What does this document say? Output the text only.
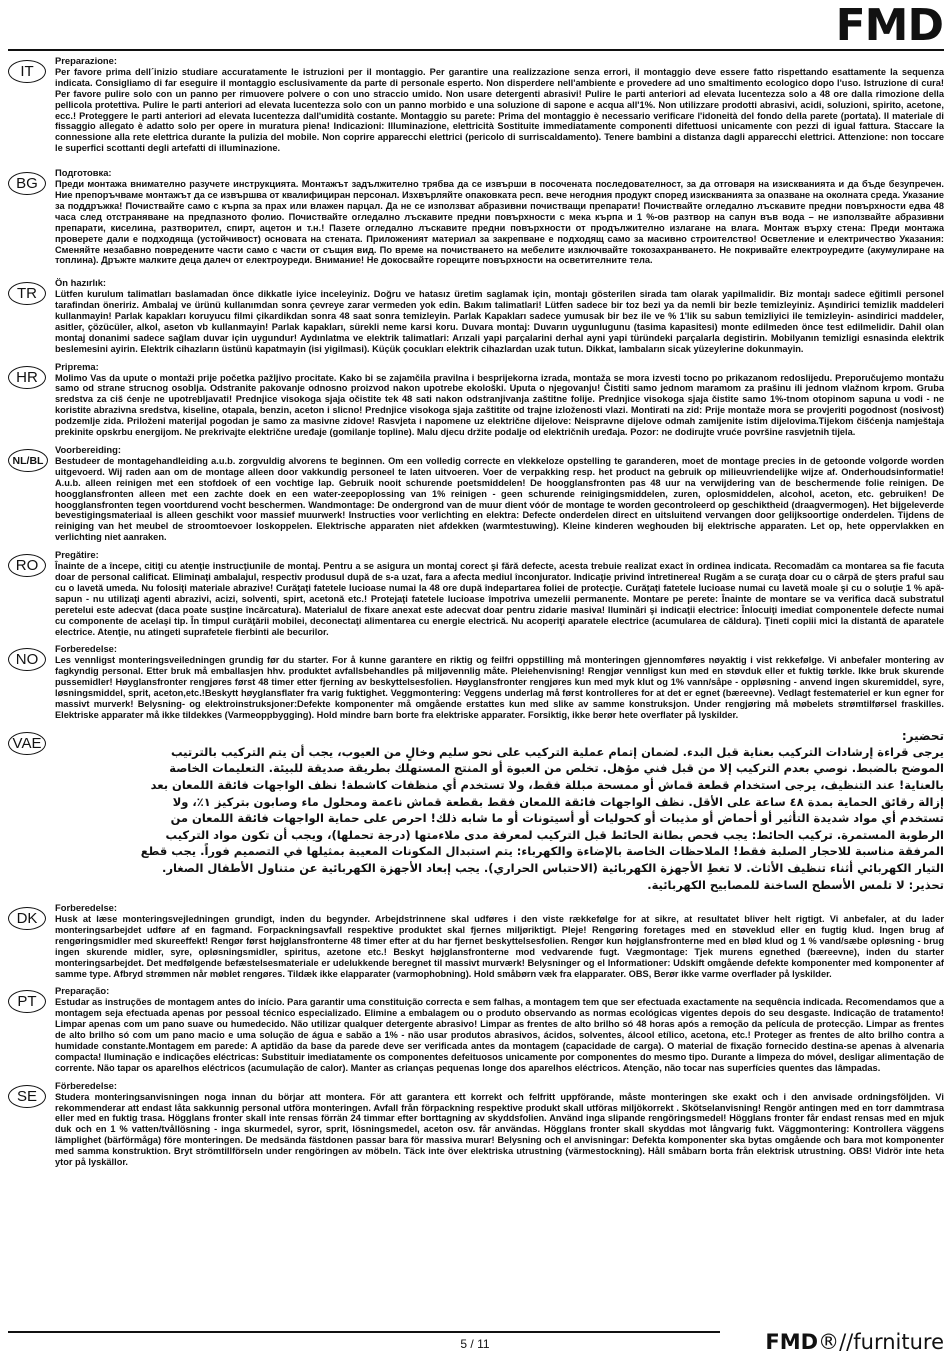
FMD
IT

Preparazione:

Per favore prima dell´inizio studiare accuratamente le istruzioni per il montaggio. Per garantire una realizzazione senza errori, il montaggio deve essere fatto rispettando esattamente la sequenza indicata. Consigliamo di far eseguire il montaggio esclusivamente da parte di personale esperto. Non disperdere nell'ambiente e provedere ad uno smaltimento ecologico dopo l'uso. Istruzione di cura! Per favore pulire solo con un panno per rimuovere polvere o con uno straccio umido. Non usare detergenti abrasivi! Pulire le parti anteriori ad elevata lucentezza solo a 48 ore dalla rimozione della pellicola protettiva. Pulire le parti anteriori ad elevata lucentezza solo con un panno morbido e una soluzione di sapone e acqua all'1%. Non utilizzare prodotti abrasivi, acidi, soluzioni, spirito, acetone, ecc.! Proteggere le parti anteriori ad elevata lucentezza dall'umidità costante. Montaggio su parete: Prima del montaggio è necessario verificare l'idoneità del fondo della parete (portata). Il materiale di fissaggio allegato è adatto solo per opere in muratura piena! Indicazioni: Illuminazione, elettricità Sostituite immediatamente componenti difettuosi unicamente con pezzi di igual fattura. Staccare la connessione alla rete elettrica durante la pulizia del mobile. Non coprire apparecchi elettrici (pericolo di surriscaldamento). Tenere bambini a distanza dagli apparecchi elettrici. Attenzione: non toccare le superfici scottanti degli artefatti di illuminazione.

BG

Подготовка:

Преди монтажа внимателно разучете инструкцията. Монтажът задължително трябва да се извърши в посочената последователност, за да отговаря на изискванията и да бъде безупречен. Ние препоръчваме монтажът да се извършва от квалифициран персонал. Изхвърляйте опаковката респ. вече негодния продукт според изискванията за опазване на околната среда. Указание за поддръжка! Почиствайте само с кърпа за прах или влажен парцал. Да не се използват абразивни почистващи препарати! Почиствайте огледално лъскавите предни повърхности едва 48 часа след отстраняване на предпазното фолио. Почиствайте огледално лъскавите предни повърхности с мека кърпа и 1 %-ов разтвор на сапун във вода – не използвайте абразивни препарати, киселина, разтворител, спирт, ацетон и т.н.! Пазете огледално лъскавите предни повърхности от продължително излагане на влага. Монтаж върху стена: Преди монтажа проверете дали е подходяща (устойчивост) основата на стената. Приложеният материал за закрепване е подходящ само за масивно строителство! Осветление и електричество Указания: Сменяйте незабавно повредените части само с части от същия вид. По време на почистването на мебелите изключвайте токозахранването. Не покривайте електроуредите (акумулиране на топлина). Дръжте малките деца далеч от електроуреди. Внимание! Не докосвайте горещите повърхности на осветителните тела.

TR

Ön hazırlık:

Lütfen kurulum talimatları baslamadan önce dikkatle iyice inceleyiniz. Doğru ve hatasız üretim saglamak için, montajı gösterilen sirada tam olarak yapilmalidir. Biz montajı sadece eğitimli personel tarafindan öneririz. Ambalaj ve ürünü kullanımdan sonra çevreye zarar vermeden yok edin. Bakım talimatlari! Lütfen sadece bir toz bezi ya da nemli bir bezle temizleyiniz. Aşındirici temizlik maddeleri kullanmayin! Parlak kapakları koruyucu filmi çikardikdan sonra 48 saat sonra temizleyin. Parlak Kapakları sadece yumusak bir bez ile ve % 1'lik su sabun temizliyici ile temizleyin- asindirici maddeler, asitler, çözücüler, alkol, aseton vb kullanmayin! Parlak kapakları, sürekli nemе karsi koru. Duvara montaj: Duvarın uygunlugunu (tasima kapasitesi) monte edilmeden önce test edilmelidir. Dahil olan montaj donanimi sadece sağlam duvar için uygundur! Aydınlatma ve elektrik talimatlari: Arızali yapi parçalarini derhal ayni yapi türündeki parçalarla degistirin. Mobilyanın temizligi esnasinda elektrik beslemesini ayirin. Elektrik cihazların üstünü kapatmayin (isi yigilmasi). Küçük çocukları elektrik cihazlardan uzak tutun. Dikkat, lambaların sicak yüzeylerine dokunmayin.

HR

Priprema:

Molimo Vas da upute o montaži prije početka pažljivo procitate. Kako bi se zajamčila pravilna i besprijekorna izrada, montaža se mora izvesti tocno po prikazanom redoslijedu. Preporučujemo montažu samo od strane strucnog osoblja. Odstranite pakovanje odnosno proizvod nakon upotrebe ekološki. Uputa o njegovanju! Čistiti samo jednom maramom za prašinu ili jednom vlažnom krpom. Gruba sredstva za ciš ćenje ne upotrebljavati! Prednjice visokoga sjaja očistite tek 48 sati nakon odstranjivanja zaštitne folije. Prednjice visokoga sjaja čistite samo 1%-tnom otopinom sapuna u vodi - ne koristite abrazivna sredstva, kiseline, otapala, benzin, aceton i slicno! Prednjice visokoga sjaja zaštitite od trajne izloženosti vlazi. Montirati na zid: Prije montaže mora se provjeriti pogodnost (nosivost) podzemlje zida. Priloženi materijal pogodan je samo za masivne zidove! Rasvjeta i napomene uz električne dijelove: Neispravne dijelove odmah zamijenite istim dijelovima.Tijekom čišćenja namještaja prekinite opskrbu energijom. Ne prekrivajte električne uređaje (gomilanje topline). Malu djecu držite podalje od električnih uređaja. Pozor: ne dodirujte vruće površine rasvjetnih tijela.

NL/BL

Voorbereiding:

Bestudeer de montagehandleiding a.u.b. zorgvuldig alvorens te beginnen. Om een volledig correcte en vlekkeloze opstelling te garanderen, moet de montage precies in de getoonde volgorde worden uitgevoerd. Wij raden aan om de montage alleen door vakkundig personeel te laten uitvoeren. Voer de verpakking resp. het product na gebruik op milieuvriendelijke wijze af. Onderhoudsinformatie! A.u.b. alleen reinigen met een stofdoek of een vochtige lap. Gebruik nooit schurende poetsmiddelen! De hoogglansfronten pas 48 uur na verwijdering van de beschermende folie reinigen. De hoogglansfronten alleen met een zachte doek en een water-zeepoplossing van 1% reinigen - geen schurende reinigingsmiddelen, zuren, oplosmiddelen, alcohol, aceton, etc. gebruiken! De hoogglansfronten tegen voortdurend vocht beschermen. Wandmontage: De ondergrond van de muur dient vóór de montage te worden gecontroleerd op geschiktheid (draagvermogen). Het bijgeleverde bevestigingsmateriaal is alleen geschikt voor massief muurwerk! Instructies voor verlichting en elektra: Defecte onderdelen direct en uitsluitend vervangen door gelijksoortige onderdelen. Tijdens de reiniging van het meubel de stroomtoevoer loskoppelen. Elektrische apparaten niet afdekken (warmtestuwing). Kleine kinderen weghouden bij elektrische apparaten. Let op, hete oppervlakken en verlichting niet aanraken.

RO

Pregătire:

Înainte de a începe, citiţi cu atenţie instrucţiunile de montaj. Pentru a se asigura un montaj corect şi fără defecte, acesta trebuie realizat exact în ordinea indicata. Recomadăm ca montarea sa fie facuta doar de personal calificat. Eliminaţi ambalajul, respectiv produsul după de s-a uzat, fara a afecta mediul înconjurator. Indicaţie privind întretinerea! Rugăm a se curaţa doar cu o cârpă de şters praful sau cu o lavetă umeda. Nu folosiţi materiale abrazive! Curăţaţi fatetele lucioase numai la 48 ore după îndepartarea foliei de protecţie. Curăţaţi fatetele lucioase numai cu lavetă moale şi cu o soluţie 1 % apă-sapun - nu utilizaţi agenti abrazivi, acizi, solventi, spirt, acetonă etc.! Protejaţi fatetele lucioase împotriva umezelii permanente. Montare pe perete: Înainte de montare se va verifica dacă substratul peretelui este adecvat (daca poate susţine încărcatura). Materialul de fixare anexat este adecvat doar pentru zidarie masiva! Iluminări şi indicaţii electrice: Înlocuiţi imediat componentele defecte numai cu componente de acelaşi tip. În timpul curăţării mobilei, deconectaţi alimentarea cu energie electrică. Nu acoperiţi aparatele electrice (acumularea de căldura). Ţineti copiii mici la distantă de aparatele electrice. Atenţie, nu atingeti suprafetele fierbinti ale becurilor.

NO

Forberedelse:

Les vennligst monteringsveiledningen grundig før du starter. For å kunne garantere en riktig og feilfri oppstilling må monteringen gjennomføres nøyaktig i vist rekkefølge. Vi anbefaler montering av fagkyndig personal. Etter bruk må emballasjen hhv. produktet avfallsbehandles på miljøvennlig måte. Pleiehenvisning! Rengjør vennligst kun med en støvduk eller et fuktig tørkle. Ikke bruk skurende pussemidler! Høyglansfronter rengjøres først 48 timer etter fjerning av beskyttelsesfolien. Høyglansfronter rengjøres kun med myk klut og 1% vann/såpe - oppløsning - anvend ingen skuremiddel, syre, løsningsmiddel, sprit, aceton,etc.!Beskytt høyglansflater fra varig fuktighet. Veggmontering: Veggens underlag må først kontrolleres for at det er egnet (bæreevne). Vedlagt festemateriel er kun egner for massivt murverk! Belysning- og elektroinstruksjoner:Defekte komponenter må omgående erstattes kun med slike av samme konstruksjon. Under rengjøring må møbelets strømtilførsel fraskilles. Elektriske apparater må ikke tildekkes (Varmeoppbygging). Hold mindre barn borte fra elektriske apparater. Forsiktig, ikke berør hete overflater på lyskilder.

VAE	تحضير:

يرجى قراءة إرشادات التركيب بعناية قبل البدء. لضمان إتمام عملية التركيب على نحو سليم وخالٍ من العيوب، يجب أن يتم التركيب بالترتيب الموضح بالضبط. نوصي بعدم التركيب إلا من قبل فني مؤهل. تخلص من العبوة أو المنتج المستهلك بطريقة صديقة للبيئة. التعليمات الخاصة بالعناية! عند التنظيف، يرجى استخدام قطعة قماش أو ممسحة مبللة فقط، ولا تستخدم أي منظفات كاشطة! نظف الواجهات فائقة اللمعان بعد إزالة رقائق الحماية بمدة ٤٨ ساعة على الأقل. نظف الواجهات فائقة اللمعان فقط بقطعة قماش ناعمة ومحلول ماء وصابون بتركيز ١٪، ولا تستخدم أي مواد شديدة التأثير أو أحماض أو مذيبات أو كحوليات أو أسيتونات أو ما شابه ذلك! احرص على حماية الواجهات فائقة اللمعان من الرطوبة المستمرة. تركيب الحائط: يجب فحص بطانة الحائط قبل التركيب لمعرفة مدى ملاءمتها (درجة تحملها)، ويجب أن تكون مواد التركيب المرفقة مناسبة للاحجار الصلبة فقط! الملاحظات الخاصة بالإضاءة والكهرباء: يتم استبدال المكونات المعيبة بمثيلها في التصميم فوراً. يجب قطع التيار الكهربائي أثناء تنظيف الأثاث. لا تغطِ الأجهزة الكهربائية (الاحتباس الحراري). يجب إبعاد الأجهزة الكهربائية عن متناول الأطفال الصغار. تحذير: لا تلمس الأسطح الساخنة للمصابيح الكهربائية.

DK

Forberedelse:

Husk at læse monteringsvejledningen grundigt, inden du begynder. Arbejdstrinnene skal udføres i den viste rækkefølge for at sikre, at resultatet bliver helt rigtigt. Vi anbefaler, at du lader monteringsarbejdet udføre af en fagmand. Forpackningsavfall respektive produktet skal fjernes miljøriktigt. Pleje! Rengøring foretages med en støveklud eller en fugtig klud. Ingen brug af rengøringsmidler med skureeffekt! Rengør først højglansfronterne 48 timer efter at du har fjernet beskyttelsesfolien. Rengør kun højglansfronterne med en blød klud og 1 % vand/sæbe opløsning - brug ingen skurende midler, syre, opløsningsmidler, spiritus, azetone etc.! Beskyt højglansfronterne mod vedvarende fugt. Vægmontage: Tjek murens egnethed (bæreevne), inden du starter monteringsarbejdet. Det medfølgende befæstelsesmateriale er udelukkende beregnet til massivt murværk! Belysninger og el Informationer: Udskift omgående defekte komponenter med komponenter af samme type. Afbryd strømmen når møblet rengøres. Tildæk ikke elapparater (varmophobning). Hold småbørn væk fra elapparater. OBS, Berør ikke varme overflader på lyskilder.

PT

Preparação:

Estudar as instruções de montagem antes do início. Para garantir uma constituição correcta e sem falhas, a montagem tem que ser efectuada exactamente na sequência indicada. Recomendamos que a montagem seja efectuada apenas por pessoal técnico especializado. Elimine a embalagem ou o produto observando as normas ecológicas vigentes depois do seu desgaste. Indicação de tratamento! Limpar apenas com um pano suave ou humedecido. Não utilizar qualquer detergente abrasivo! Limpar as frentes de alto brilho só 48 horas após a remoção da película de protecção. Limpar as frentes de alto brilho só com um pano macio e uma solução de água e sabão a 1% - não usar produtos abrasivos, ácidos, solventes, álcool etílico, acetona, etc.! Proteger as frentes de alto brilho contra a humidade constante.Montagem em parede: A aptidão da base da parede deve ser verificada antes da montagem (capacidade de carga). O material de fixação fornecido destina-se apenas à alvenaria compacta! Iluminação e indicações eléctricas: Substituir imediatamente os componentes defeituosos unicamente por componentes do mesmo tipo. Durante a limpeza do móvel, desligar alimentação de corrente. Não tapar os aparelhos eléctricos (acumulação de calor). Manter as crianças pequenas longe dos aparelhos eléctricos. Atenção, não tocar nas superfícies quentes das lâmpadas.

SE

Förberedelse:

Studera monteringsanvisningen noga innan du börjar att montera. För att garantera ett korrekt och felfritt uppförande, måste monteringen ske exakt och i den anvisade ordningsföljden. Vi rekommenderar att endast låta sakkunnig personal utföra monteringen. Avfall från förpackning respektive produkt skall utföras miljökorrekt . Skötselanvisning! Rengör antingen med en torr dammtrasa eller med en fuktig trasa. Högglans fronter skall inte rensas förrän 24 timmar efter borttagning av skyddsfolien. Använd inga slipande rengöringsmedel! Högglans fronter får endast rensas med en mjuk duk och en 1 % vatten/tvållösning - inga skurmedel, syror, sprit, lösningsmedel, aceton osv. får användas. Högglans fronter skall skyddas mot långvarig fukt. Väggmontering: Kontrollera väggens lämplighet (bärförmåga) före monteringen. De medsända fästdonen passar bara för massiva murar! Belysning och el anvisningar: Defekta komponenter ska bytas omgående och bara mot komponenter med samma konstruktion. Bryt strömtillförseln under rengöringen av möbeln. Täck inte över elektriska utrustning (värmestockning). Håll småbarn borta från elektrisk utrustning. OBS! Vidrör inte heta ytor på lyskällor.

5 / 11	FMD®//furniture
